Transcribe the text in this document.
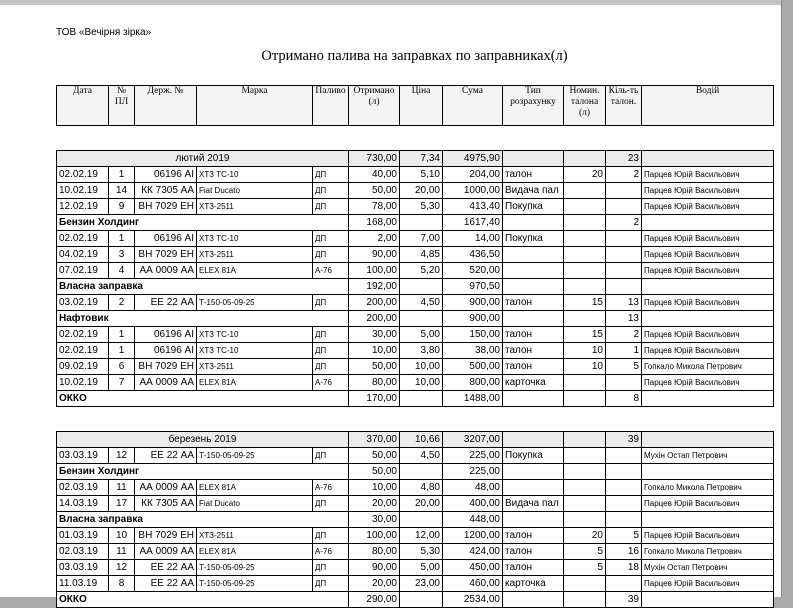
ТОВ «Вечірня зірка»
Отримано палива на заправках по заправниках(л)
Дата	№ ПЛ	Держ. №	Марка	Паливо	Отримано (л)	Ціна	Сума	Тип розрахунку	Номин. талона (л)	Кіль-ть талон.	Водій

лютий 2019					730,00	7,34	4975,90			23	
02.02.19	1	06196 АІ	ХТЗ ТС-10	ДП	40,00	5,10	204,00	талон	20	2	Парцев Юрій Васильович
10.02.19	14	КК 7305 АА	Fiat Ducato	ДП	50,00	20,00	1000,00	Видача пал			Парцев Юрій Васильович
12.02.19	9	ВН 7029 ЕН	ХТЗ-2511	ДП	78,00	5,30	413,40	Покупка			Парцев Юрій Васильович
Бензин Холдинг					168,00		1617,40			2	
02.02.19	1	06196 АІ	ХТЗ ТС-10	ДП	2,00	7,00	14,00	Покупка			Парцев Юрій Васильович
04.02.19	3	ВН 7029 ЕН	ХТЗ-2511	ДП	90,00	4,85	436,50				Парцев Юрій Васильович
07.02.19	4	АА 0009 АА	ELEX 81A	А-76	100,00	5,20	520,00				Парцев Юрій Васильович
Власна заправка					192,00		970,50				
03.02.19	2	ЕЕ 22 АА	Т-150-05-09-25	ДП	200,00	4,50	900,00	талон	15	13	Парцев Юрій Васильович
Нафтовик					200,00		900,00			13	
02.02.19	1	06196 АІ	ХТЗ ТС-10	ДП	30,00	5,00	150,00	талон	15	2	Парцев Юрій Васильович
02.02.19	1	06196 АІ	ХТЗ ТС-10	ДП	10,00	3,80	38,00	талон	10	1	Парцев Юрій Васильович
09.02.19	6	ВН 7029 ЕН	ХТЗ-2511	ДП	50,00	10,00	500,00	талон	10	5	Гопкало Микола Петрович
10.02.19	7	АА 0009 АА	ELEX 81A	А-76	80,00	10,00	800,00	карточка			Парцев Юрій Васильович
ОККО					170,00		1488,00			8	

березень 2019					370,00	10,66	3207,00			39	
03.03.19	12	ЕЕ 22 АА	Т-150-05-09-25	ДП	50,00	4,50	225,00	Покупка			Мухін Остап Петрович
Бензин Холдинг					50,00		225,00				
02.03.19	11	АА 0009 АА	ELEX 81A	А-76	10,00	4,80	48,00				Гопкало Микола Петрович
14.03.19	17	КК 7305 АА	Fiat Ducato	ДП	20,00	20,00	400,00	Видача пал			Парцев Юрій Васильович
Власна заправка					30,00		448,00				
01.03.19	10	ВН 7029 ЕН	ХТЗ-2511	ДП	100,00	12,00	1200,00	талон	20	5	Парцев Юрій Васильович
02.03.19	11	АА 0009 АА	ELEX 81A	А-76	80,00	5,30	424,00	талон	5	16	Гопкало Микола Петрович
03.03.19	12	ЕЕ 22 АА	Т-150-05-09-25	ДП	90,00	5,00	450,00	талон	5	18	Мухін Остап Петрович
11.03.19	8	ЕЕ 22 АА	Т-150-05-09-25	ДП	20,00	23,00	460,00	карточка			Парцев Юрій Васильович
ОККО					290,00		2534,00			39	
